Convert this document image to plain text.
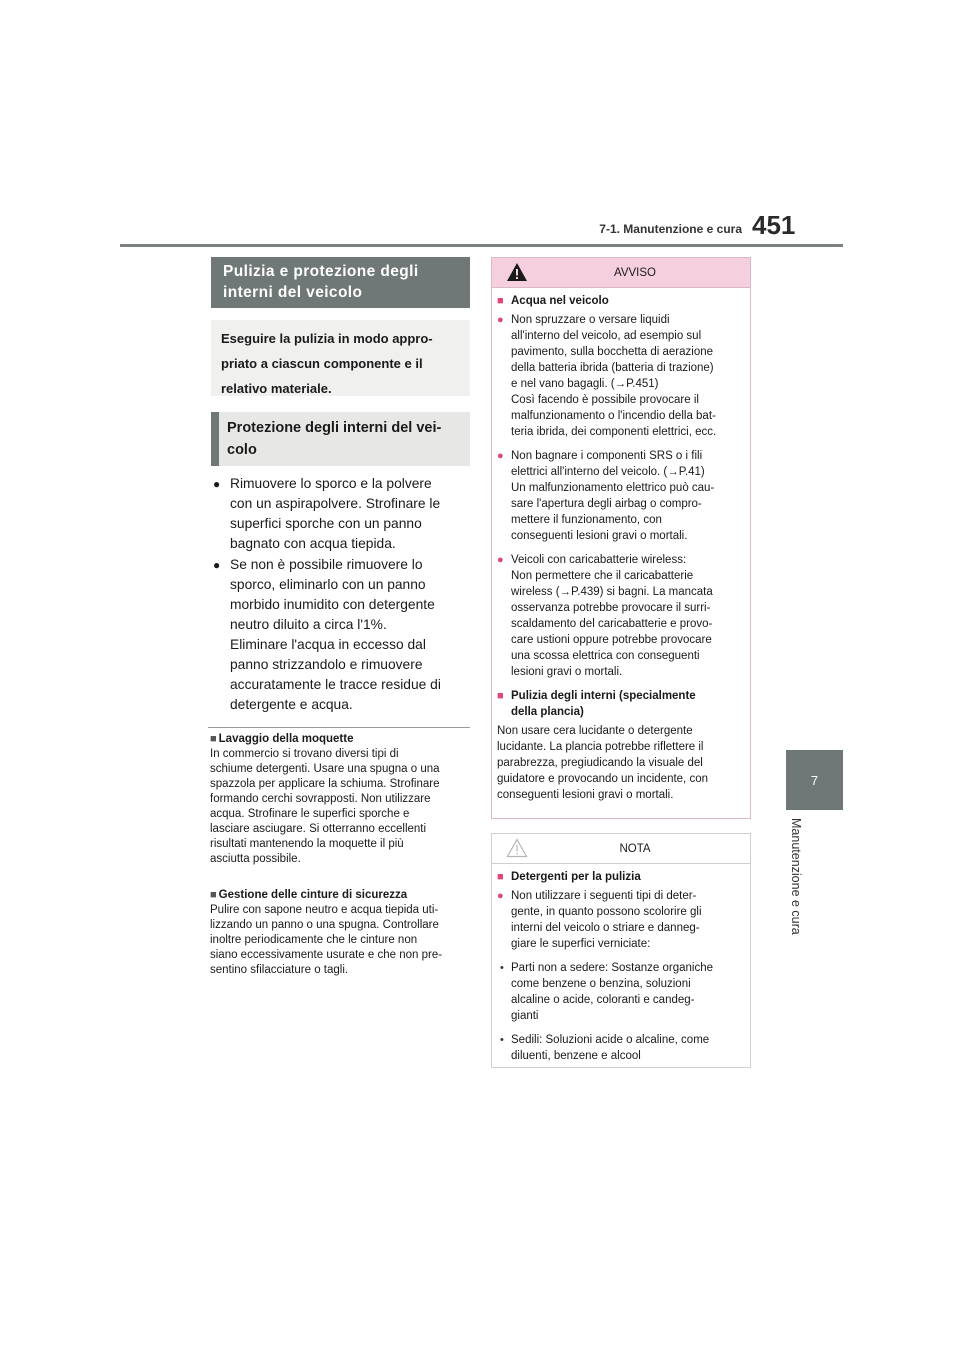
7-1. Manutenzione e cura 451
7
Manutenzione e cura
Pulizia e protezione degli interni del veicolo
Eseguire la pulizia in modo appro-
priato a ciascun componente e il
relativo materiale.
Protezione degli interni del vei-
colo
● Rimuovere lo sporco e la polvere
con un aspirapolvere. Strofinare le
superfici sporche con un panno
bagnato con acqua tiepida.
● Se non è possibile rimuovere lo
sporco, eliminarlo con un panno
morbido inumidito con detergente
neutro diluito a circa l'1%.
Eliminare l'acqua in eccesso dal
panno strizzandolo e rimuovere
accuratamente le tracce residue di
detergente e acqua.
■ Lavaggio della moquette
In commercio si trovano diversi tipi di
schiume detergenti. Usare una spugna o una
spazzola per applicare la schiuma. Strofinare
formando cerchi sovrapposti. Non utilizzare
acqua. Strofinare le superfici sporche e
lasciare asciugare. Si otterranno eccellenti
risultati mantenendo la moquette il più
asciutta possibile.
■ Gestione delle cinture di sicurezza
Pulire con sapone neutro e acqua tiepida uti-
lizzando un panno o una spugna. Controllare
inoltre periodicamente che le cinture non
siano eccessivamente usurate e che non pre-
sentino sfilacciature o tagli.
AVVISO
■ Acqua nel veicolo
● Non spruzzare o versare liquidi
all'interno del veicolo, ad esempio sul
pavimento, sulla bocchetta di aerazione
della batteria ibrida (batteria di trazione)
e nel vano bagagli. (→P.451)
Così facendo è possibile provocare il
malfunzionamento o l'incendio della bat-
teria ibrida, dei componenti elettrici, ecc.
● Non bagnare i componenti SRS o i fili
elettrici all'interno del veicolo. (→P.41)
Un malfunzionamento elettrico può cau-
sare l'apertura degli airbag o compro-
mettere il funzionamento, con
conseguenti lesioni gravi o mortali.
● Veicoli con caricabatterie wireless:
Non permettere che il caricabatterie
wireless (→P.439) si bagni. La mancata
osservanza potrebbe provocare il surri-
scaldamento del caricabatterie e provo-
care ustioni oppure potrebbe provocare
una scossa elettrica con conseguenti
lesioni gravi o mortali.
■ Pulizia degli interni (specialmente
della plancia)
Non usare cera lucidante o detergente
lucidante. La plancia potrebbe riflettere il
parabrezza, pregiudicando la visuale del
guidatore e provocando un incidente, con
conseguenti lesioni gravi o mortali.
NOTA
■ Detergenti per la pulizia
● Non utilizzare i seguenti tipi di deter-
gente, in quanto possono scolorire gli
interni del veicolo o striare e danneg-
giare le superfici verniciate:
• Parti non a sedere: Sostanze organiche
come benzene o benzina, soluzioni
alcaline o acide, coloranti e candeg-
gianti
• Sedili: Soluzioni acide o alcaline, come
diluenti, benzene e alcool
